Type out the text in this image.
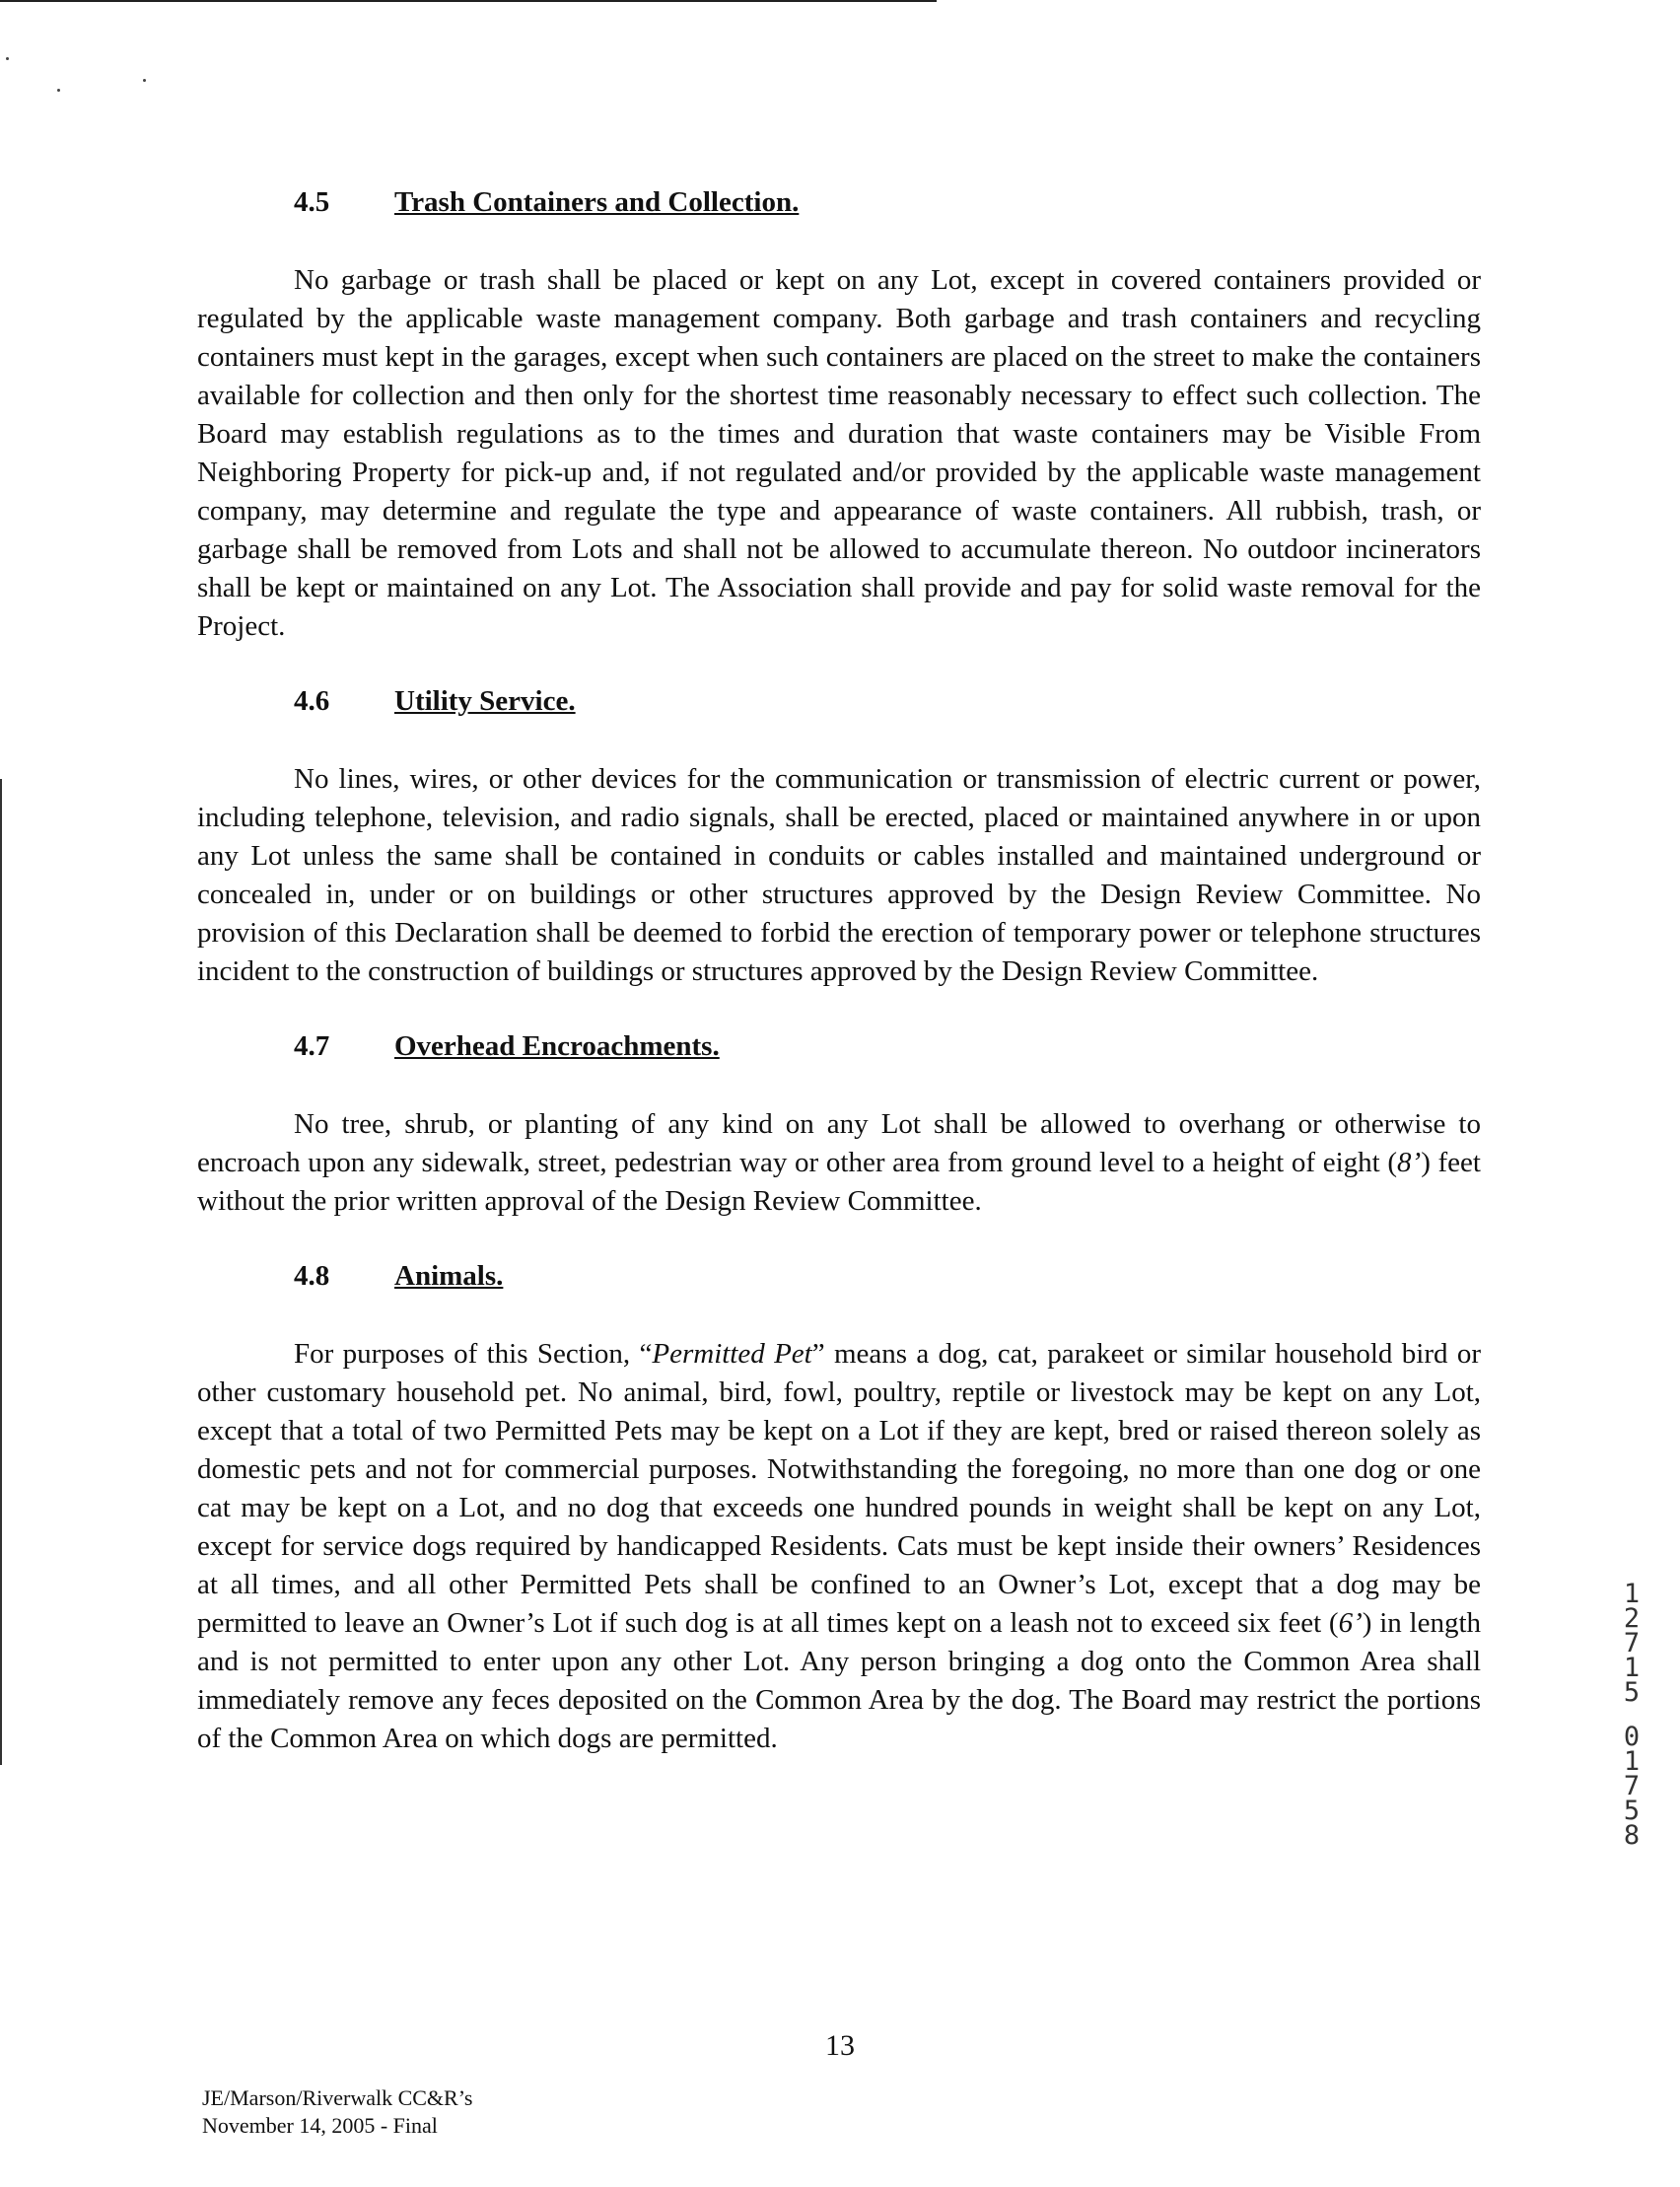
4.5 Trash Containers and Collection.

No garbage or trash shall be placed or kept on any Lot, except in covered containers provided or regulated by the applicable waste management company. Both garbage and trash containers and recycling containers must kept in the garages, except when such containers are placed on the street to make the containers available for collection and then only for the shortest time reasonably necessary to effect such collection. The Board may establish regulations as to the times and duration that waste containers may be Visible From Neighboring Property for pick-up and, if not regulated and/or provided by the applicable waste management company, may determine and regulate the type and appearance of waste containers. All rubbish, trash, or garbage shall be removed from Lots and shall not be allowed to accumulate thereon. No outdoor incinerators shall be kept or maintained on any Lot. The Association shall provide and pay for solid waste removal for the Project.

4.6 Utility Service.

No lines, wires, or other devices for the communication or transmission of electric current or power, including telephone, television, and radio signals, shall be erected, placed or maintained anywhere in or upon any Lot unless the same shall be contained in conduits or cables installed and maintained underground or concealed in, under or on buildings or other structures approved by the Design Review Committee. No provision of this Declaration shall be deemed to forbid the erection of temporary power or telephone structures incident to the construction of buildings or structures approved by the Design Review Committee.

4.7 Overhead Encroachments.

No tree, shrub, or planting of any kind on any Lot shall be allowed to overhang or otherwise to encroach upon any sidewalk, street, pedestrian way or other area from ground level to a height of eight (8’) feet without the prior written approval of the Design Review Committee.

4.8 Animals.

For purposes of this Section, “Permitted Pet” means a dog, cat, parakeet or similar household bird or other customary household pet. No animal, bird, fowl, poultry, reptile or livestock may be kept on any Lot, except that a total of two Permitted Pets may be kept on a Lot if they are kept, bred or raised thereon solely as domestic pets and not for commercial purposes. Notwithstanding the foregoing, no more than one dog or one cat may be kept on a Lot, and no dog that exceeds one hundred pounds in weight shall be kept on any Lot, except for service dogs required by handicapped Residents. Cats must be kept inside their owners’ Residences at all times, and all other Permitted Pets shall be confined to an Owner’s Lot, except that a dog may be permitted to leave an Owner’s Lot if such dog is at all times kept on a leash not to exceed six feet (6’) in length and is not permitted to enter upon any other Lot. Any person bringing a dog onto the Common Area shall immediately remove any feces deposited on the Common Area by the dog. The Board may restrict the portions of the Common Area on which dogs are permitted.

13
JE/Marson/Riverwalk CC&R’s
November 14, 2005 - Final
1
2
7
1
5
0
1
7
5
8
